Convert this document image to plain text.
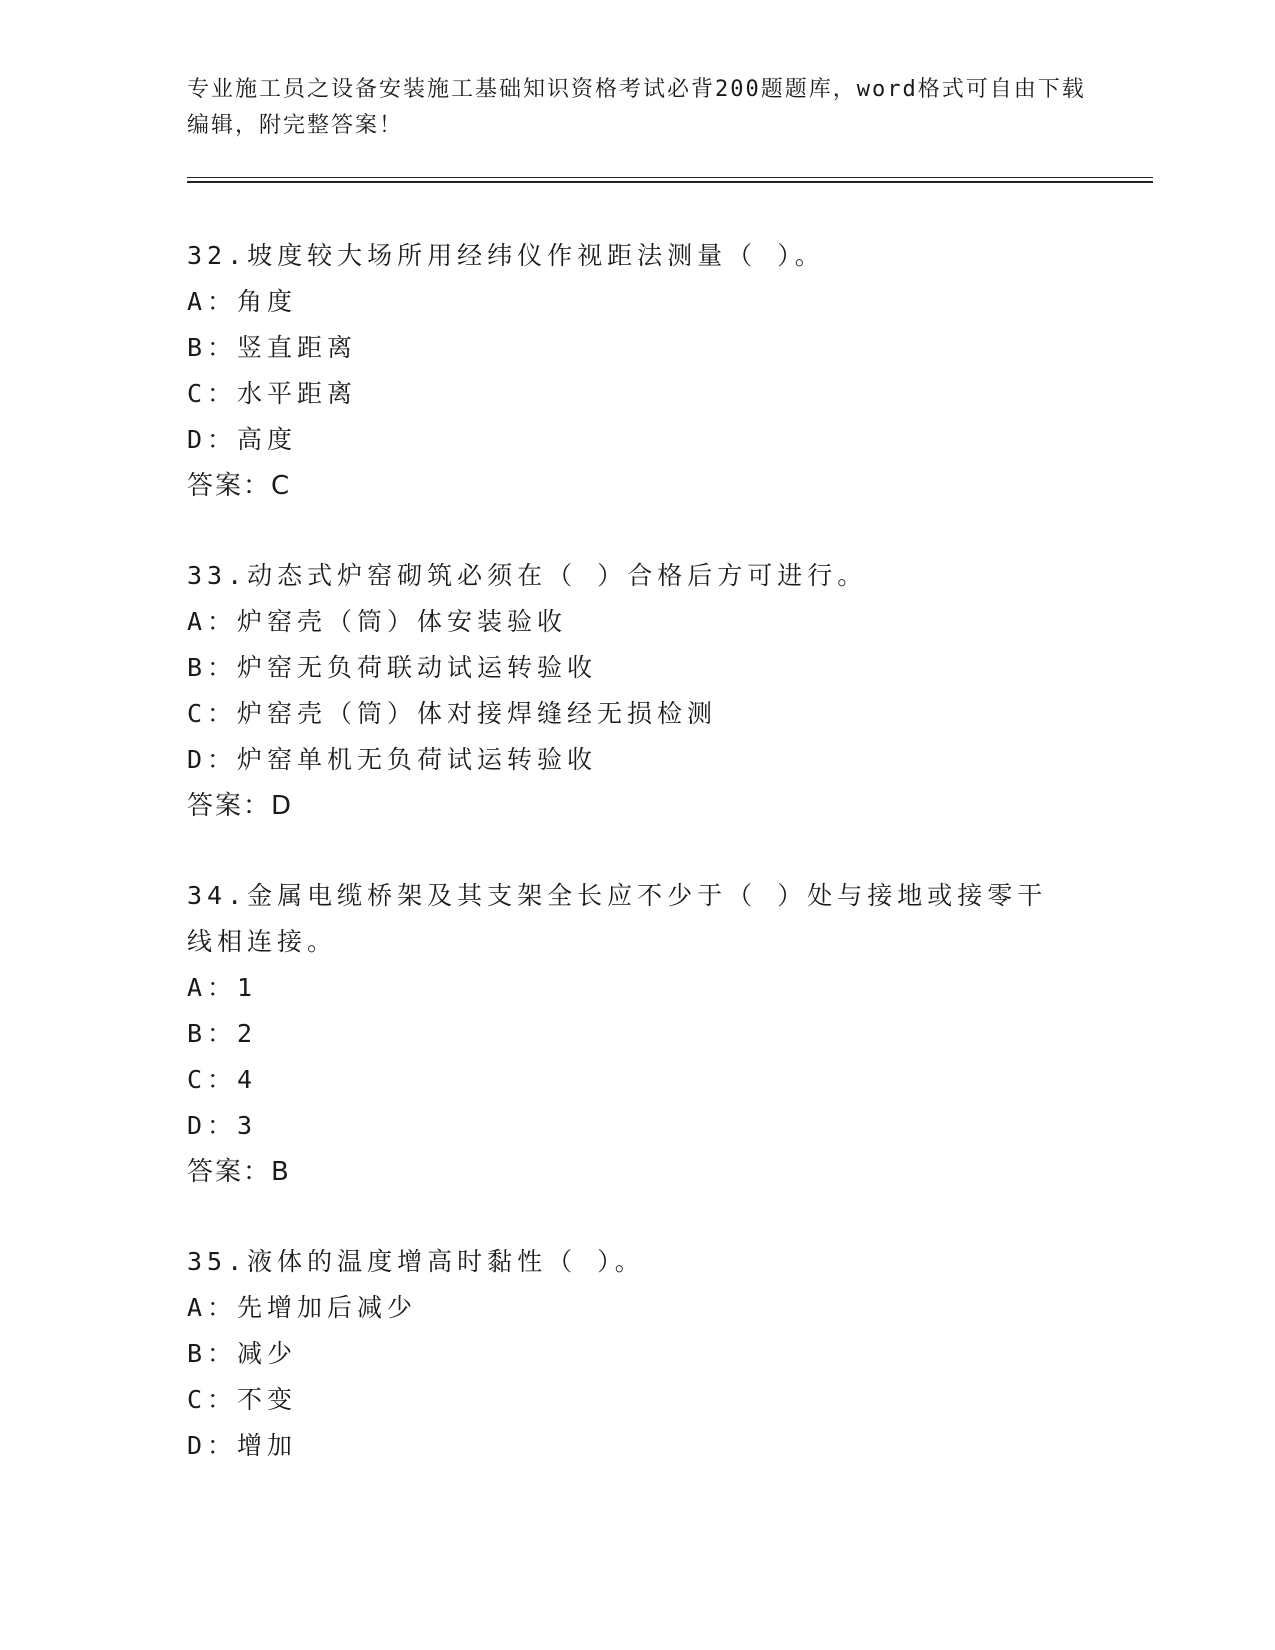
专业施工员之设备安装施工基础知识资格考试必背200题题库，word格式可自由下载编辑，附完整答案！
32.坡度较大场所用经纬仪作视距法测量（ ）。
A：角度
B：竖直距离
C：水平距离
D：高度
答案：C
33.动态式炉窑砌筑必须在（ ）合格后方可进行。
A：炉窑壳（筒）体安装验收
B：炉窑无负荷联动试运转验收
C：炉窑壳（筒）体对接焊缝经无损检测
D：炉窑单机无负荷试运转验收
答案：D
34.金属电缆桥架及其支架全长应不少于（ ）处与接地或接零干线相连接。
A：1
B：2
C：4
D：3
答案：B
35.液体的温度增高时黏性（ ）。
A：先增加后减少
B：减少
C：不变
D：增加
